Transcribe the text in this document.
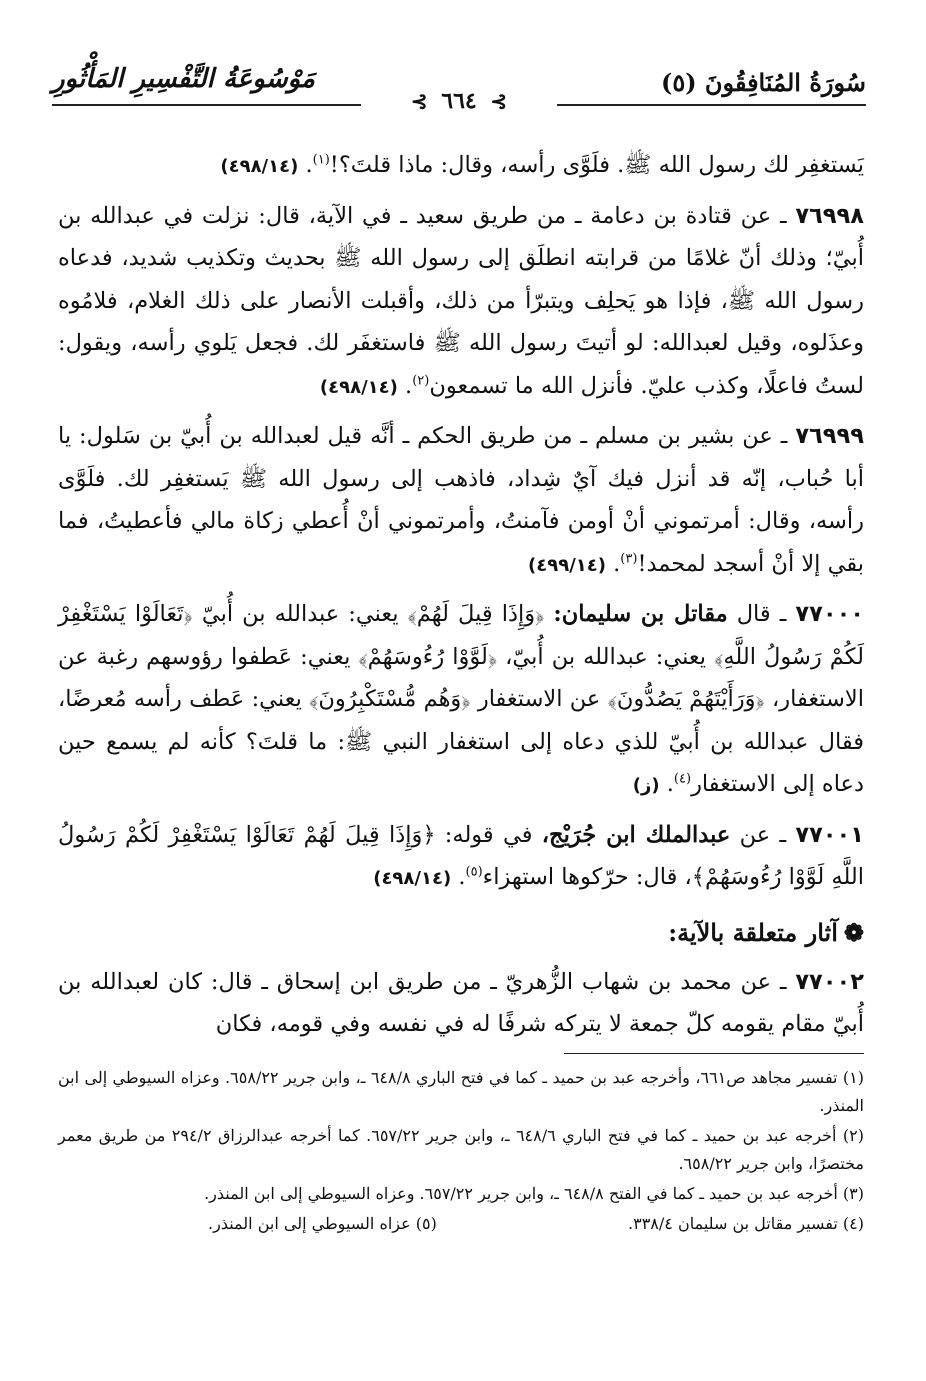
سُورَةُ المُنَافِقُونَ (٥)
مَوْسُوعَةُ التَّفْسِيرِ المَأْثُورِ
⊱ ٦٦٤ ⊱

يَستغفِر لك رسول الله ﷺ. فلَوَّى رأسه، وقال: ماذا قلتَ؟!$^{(١)}$. (٤٩٨/١٤)

٧٦٩٩٨ ـ عن قتادة بن دعامة ـ من طريق سعيد ـ في الآية، قال: نزلت في عبدالله بن أُبيّ؛ وذلك أنّ غلامًا من قرابته انطلَق إلى رسول الله ﷺ بحديث وتكذيب شديد، فدعاه رسول الله ﷺ، فإذا هو يَحلِف ويتبرّأ من ذلك، وأقبلت الأنصار على ذلك الغلام، فلامُوه وعذَلوه، وقيل لعبدالله: لو أتيتَ رسول الله ﷺ فاستغفَر لك. فجعل يَلوي رأسه، ويقول: لستُ فاعلًا، وكذب عليّ. فأنزل الله ما تسمعون$^{(٢)}$. (٤٩٨/١٤)

٧٦٩٩٩ ـ عن بشير بن مسلم ـ من طريق الحكم ـ أنَّه قيل لعبدالله بن أُبيّ بن سَلول: يا أبا حُباب، إنّه قد أنزل فيك آيٌ شِداد، فاذهب إلى رسول الله ﷺ يَستغفِر لك. فلَوَّى رأسه، وقال: أمرتموني أنْ أومن فآمنتُ، وأمرتموني أنْ أُعطي زكاة مالي فأعطيتُ، فما بقي إلا أنْ أسجد لمحمد!$^{(٣)}$. (٤٩٩/١٤)

٧٧٠٠٠ ـ قال مقاتل بن سليمان: ﴿وَإِذَا قِيلَ لَهُمْ﴾ يعني: عبدالله بن أُبيّ ﴿تَعَالَوْا يَسْتَغْفِرْ لَكُمْ رَسُولُ اللَّهِ﴾ يعني: عبدالله بن أُبيّ، ﴿لَوَّوْا رُءُوسَهُمْ﴾ يعني: عَطفوا رؤوسهم رغبة عن الاستغفار، ﴿وَرَأَيْتَهُمْ يَصُدُّونَ﴾ عن الاستغفار ﴿وَهُم مُّسْتَكْبِرُونَ﴾ يعني: عَطف رأسه مُعرضًا، فقال عبدالله بن أُبيّ للذي دعاه إلى استغفار النبي ﷺ: ما قلتَ؟ كأنه لم يسمع حين دعاه إلى الاستغفار$^{(٤)}$. (ز)

٧٧٠٠١ ـ عن عبدالملك ابن جُرَيْج، في قوله: ﴿وَإِذَا قِيلَ لَهُمْ تَعَالَوْا يَسْتَغْفِرْ لَكُمْ رَسُولُ اللَّهِ لَوَّوْا رُءُوسَهُمْ﴾، قال: حرّكوها استهزاء$^{(٥)}$. (٤٩٨/١٤)

❁آثار متعلقة بالآية:

٧٧٠٠٢ ـ عن محمد بن شهاب الزُّهريّ ـ من طريق ابن إسحاق ـ قال: كان لعبدالله بن أُبيّ مقام يقومه كلّ جمعة لا يتركه شرفًا له في نفسه وفي قومه، فكان

(١) تفسير مجاهد ص٦٦١، وأخرجه عبد بن حميد ـ كما في فتح الباري ٦٤٨/٨ ـ، وابن جرير ٦٥٨/٢٢. وعزاه السيوطي إلى ابن المنذر.

(٢) أخرجه عبد بن حميد ـ كما في فتح الباري ٦٤٨/٦ ـ، وابن جرير ٦٥٧/٢٢. كما أخرجه عبدالرزاق ٢٩٤/٢ من طريق معمر مختصرًا، وابن جرير ٦٥٨/٢٢.

(٣) أخرجه عبد بن حميد ـ كما في الفتح ٦٤٨/٨ ـ، وابن جرير ٦٥٧/٢٢. وعزاه السيوطي إلى ابن المنذر.

(٤) تفسير مقاتل بن سليمان ٣٣٨/٤.
(٥) عزاه السيوطي إلى ابن المنذر.
